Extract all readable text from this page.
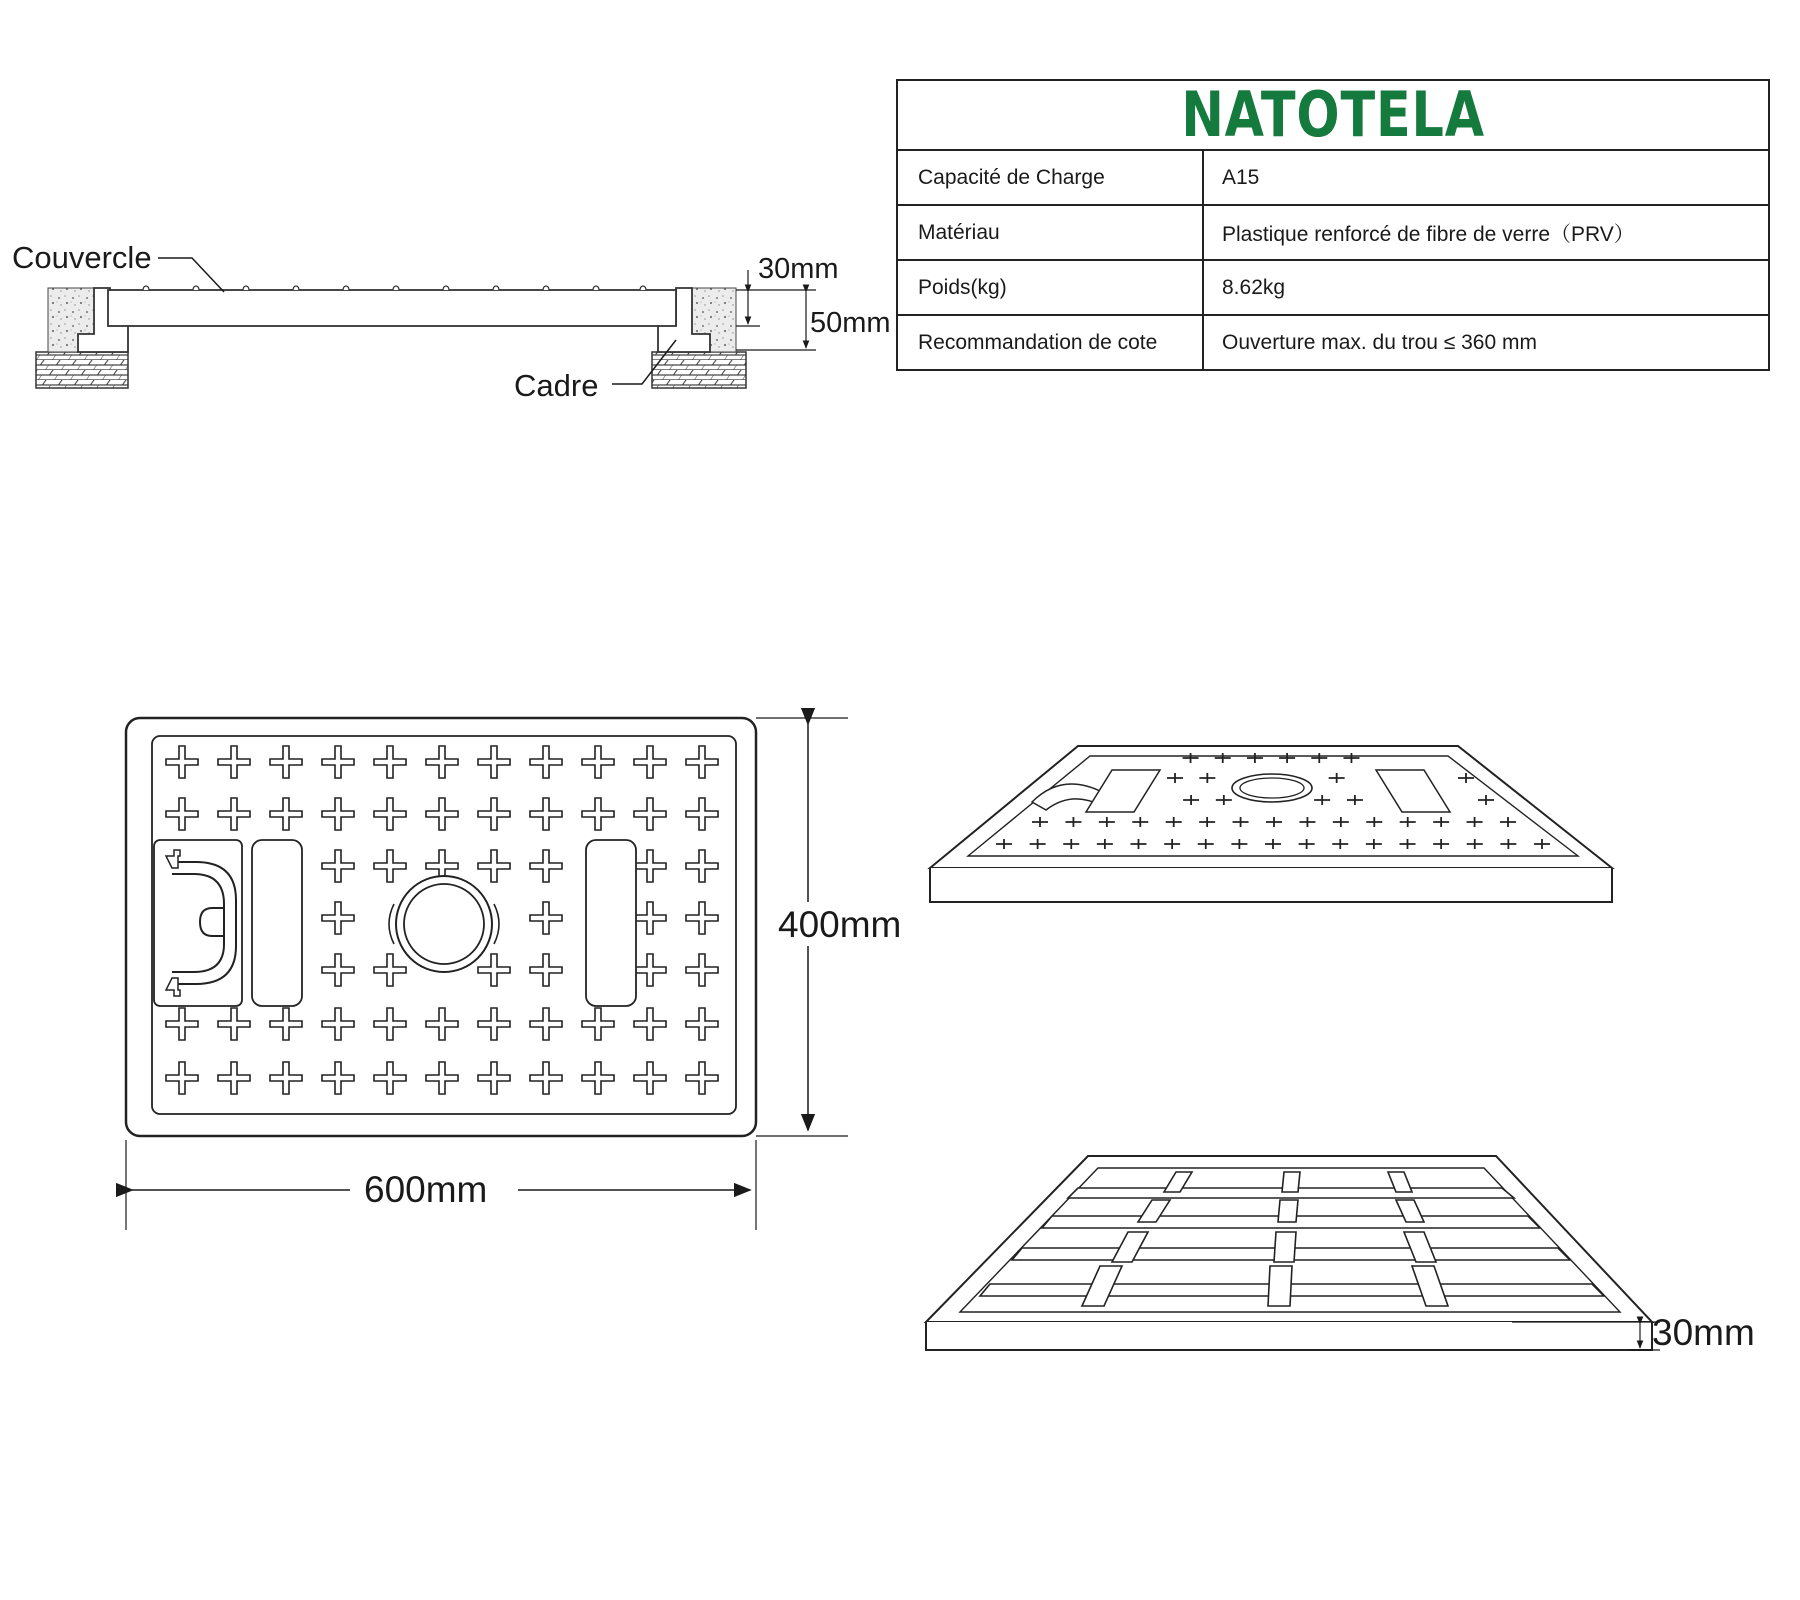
NATOTELA
Capacité de Charge	A15
Matériau	Plastique renforcé de fibre de verre（PRV）
Poids(kg)	8.62kg
Recommandation de cote	Ouverture max. du trou ≤ 360 mm
Couvercle
Cadre
30mm
50mm
400mm
600mm
30mm
